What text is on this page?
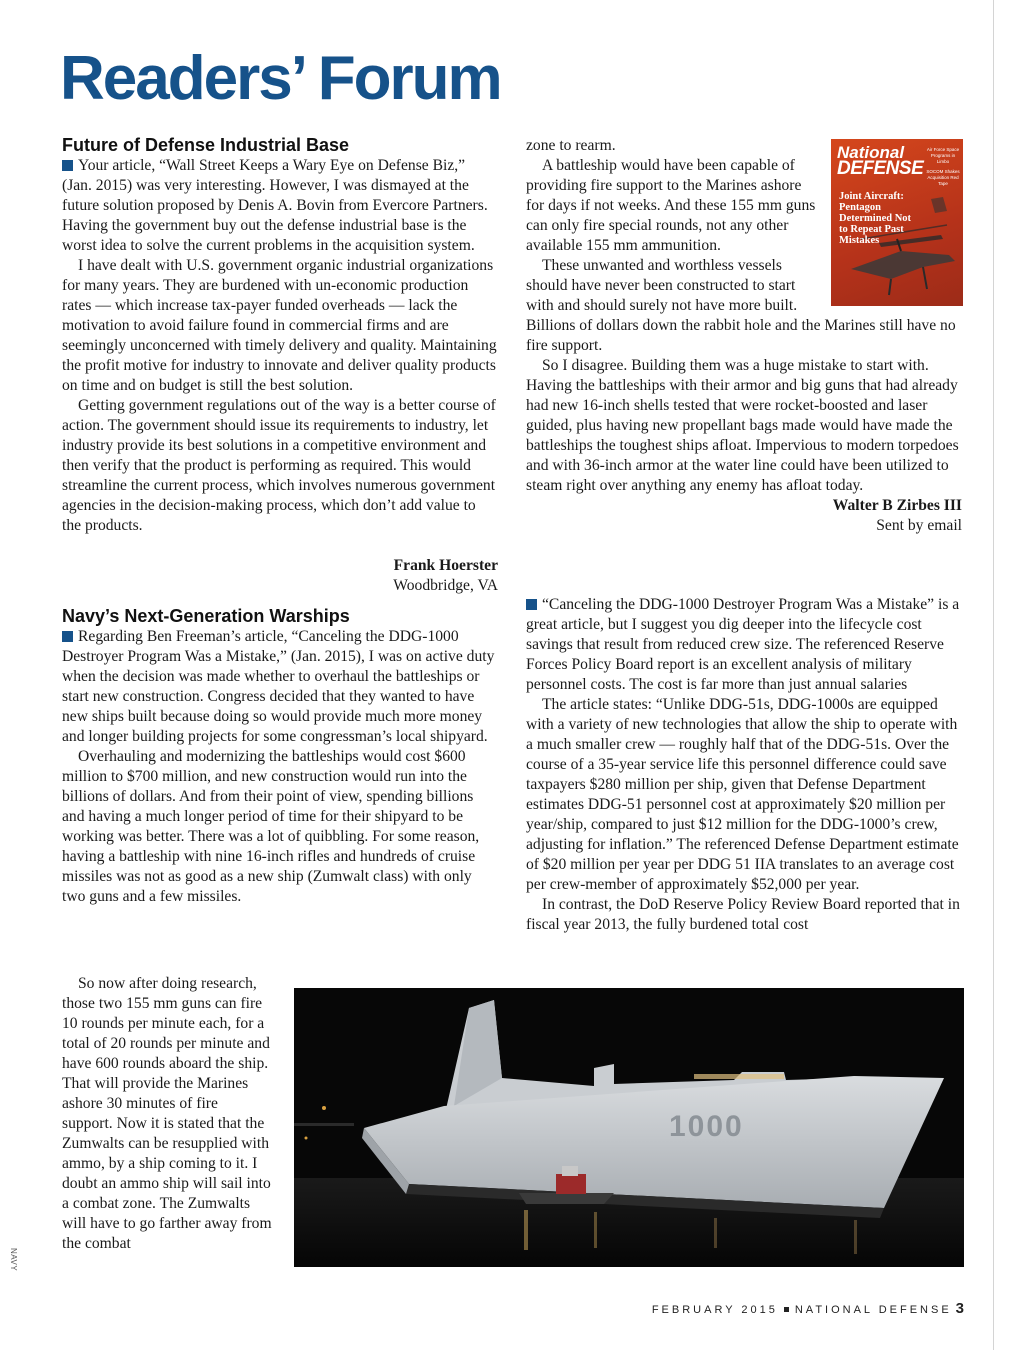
Readers’ Forum
Future of Defense Industrial Base

Your article, “Wall Street Keeps a Wary Eye on Defense Biz,” (Jan. 2015) was very interesting. However, I was dismayed at the future solution proposed by Denis A. Bovin from Evercore Partners. Having the government buy out the defense industrial base is the worst idea to solve the current problems in the acquisition system.

I have dealt with U.S. government organic industrial organizations for many years. They are burdened with un-economic production rates — which increase tax-payer funded overheads — lack the motivation to avoid failure found in commercial firms and are seemingly unconcerned with timely delivery and quality. Maintaining the profit motive for industry to innovate and deliver quality products on time and on budget is still the best solution.

Getting government regulations out of the way is a better course of action. The government should issue its requirements to industry, let industry provide its best solutions in a competitive environment and then verify that the product is performing as required. This would streamline the current process, which involves numerous government agencies in the decision-making process, which don’t add value to the products.

Frank Hoerster
Woodbridge, VA
Navy’s Next-Generation Warships

Regarding Ben Freeman’s article, “Canceling the DDG-1000 Destroyer Program Was a Mistake,” (Jan. 2015), I was on active duty when the decision was made whether to overhaul the battleships or start new construction. Congress decided that they wanted to have new ships built because doing so would provide much more money and longer building projects for some congressman’s local shipyard.

Overhauling and modernizing the battleships would cost $600 million to $700 million, and new construction would run into the billions of dollars. And from their point of view, spending billions and having a much longer period of time for their shipyard to be working was better. There was a lot of quibbling. For some reason, having a battleship with nine 16-inch rifles and hundreds of cruise missiles was not as good as a new ship (Zumwalt class) with only two guns and a few missiles.

So now after doing research, those two 155 mm guns can fire 10 rounds per minute each, for a total of 20 rounds per minute and have 600 rounds aboard the ship. That will provide the Marines ashore 30 minutes of fire support. Now it is stated that the Zumwalts can be resupplied with ammo, by a ship coming to it. I doubt an ammo ship will sail into a combat zone. The Zumwalts will have to go farther away from the combat

zone to rearm.

A battleship would have been capable of providing fire support to the Marines ashore for days if not weeks. And these 155 mm guns can only fire special rounds, not any other available 155 mm ammunition.

These unwanted and worthless vessels should have never been constructed to start with and should surely not have more built. Billions of dollars down the rabbit hole and the Marines still have no fire support.

So I disagree. Building them was a huge mistake to start with. Having the battleships with their armor and big guns that had already had new 16-inch shells tested that were rocket-boosted and laser guided, plus having new propellant bags made would have made the battleships the toughest ships afloat. Impervious to modern torpedoes and with 36-inch armor at the water line could have been utilized to steam right over anything any enemy has afloat today.

Walter B Zirbes III
Sent by email

“Canceling the DDG-1000 Destroyer Program Was a Mistake” is a great article, but I suggest you dig deeper into the lifecycle cost savings that result from reduced crew size. The referenced Reserve Forces Policy Board report is an excellent analysis of military personnel costs. The cost is far more than just annual salaries

The article states: “Unlike DDG-51s, DDG-1000s are equipped with a variety of new technologies that allow the ship to operate with a much smaller crew — roughly half that of the DDG-51s. Over the course of a 35-year service life this personnel difference could save taxpayers $280 million per ship, given that Defense Department estimates DDG-51 personnel cost at approximately $20 million per year/ship, compared to just $12 million for the DDG-1000’s crew, adjusting for inflation.” The referenced Defense Department estimate of $20 million per year per DDG 51 IIA translates to an average cost per crew-member of approximately $52,000 per year.

In contrast, the DoD Reserve Policy Review Board reported that in fiscal year 2013, the fully burdened total cost

National
DEFENSE
Air Force Space Programs in Limbo
SOCOM Shakes Acquisition Red Tape
Joint Aircraft: Pentagon Determined Not to Repeat Past Mistakes
1000
NAVY
FEBRUARY 2015 NATIONAL DEFENSE 3
